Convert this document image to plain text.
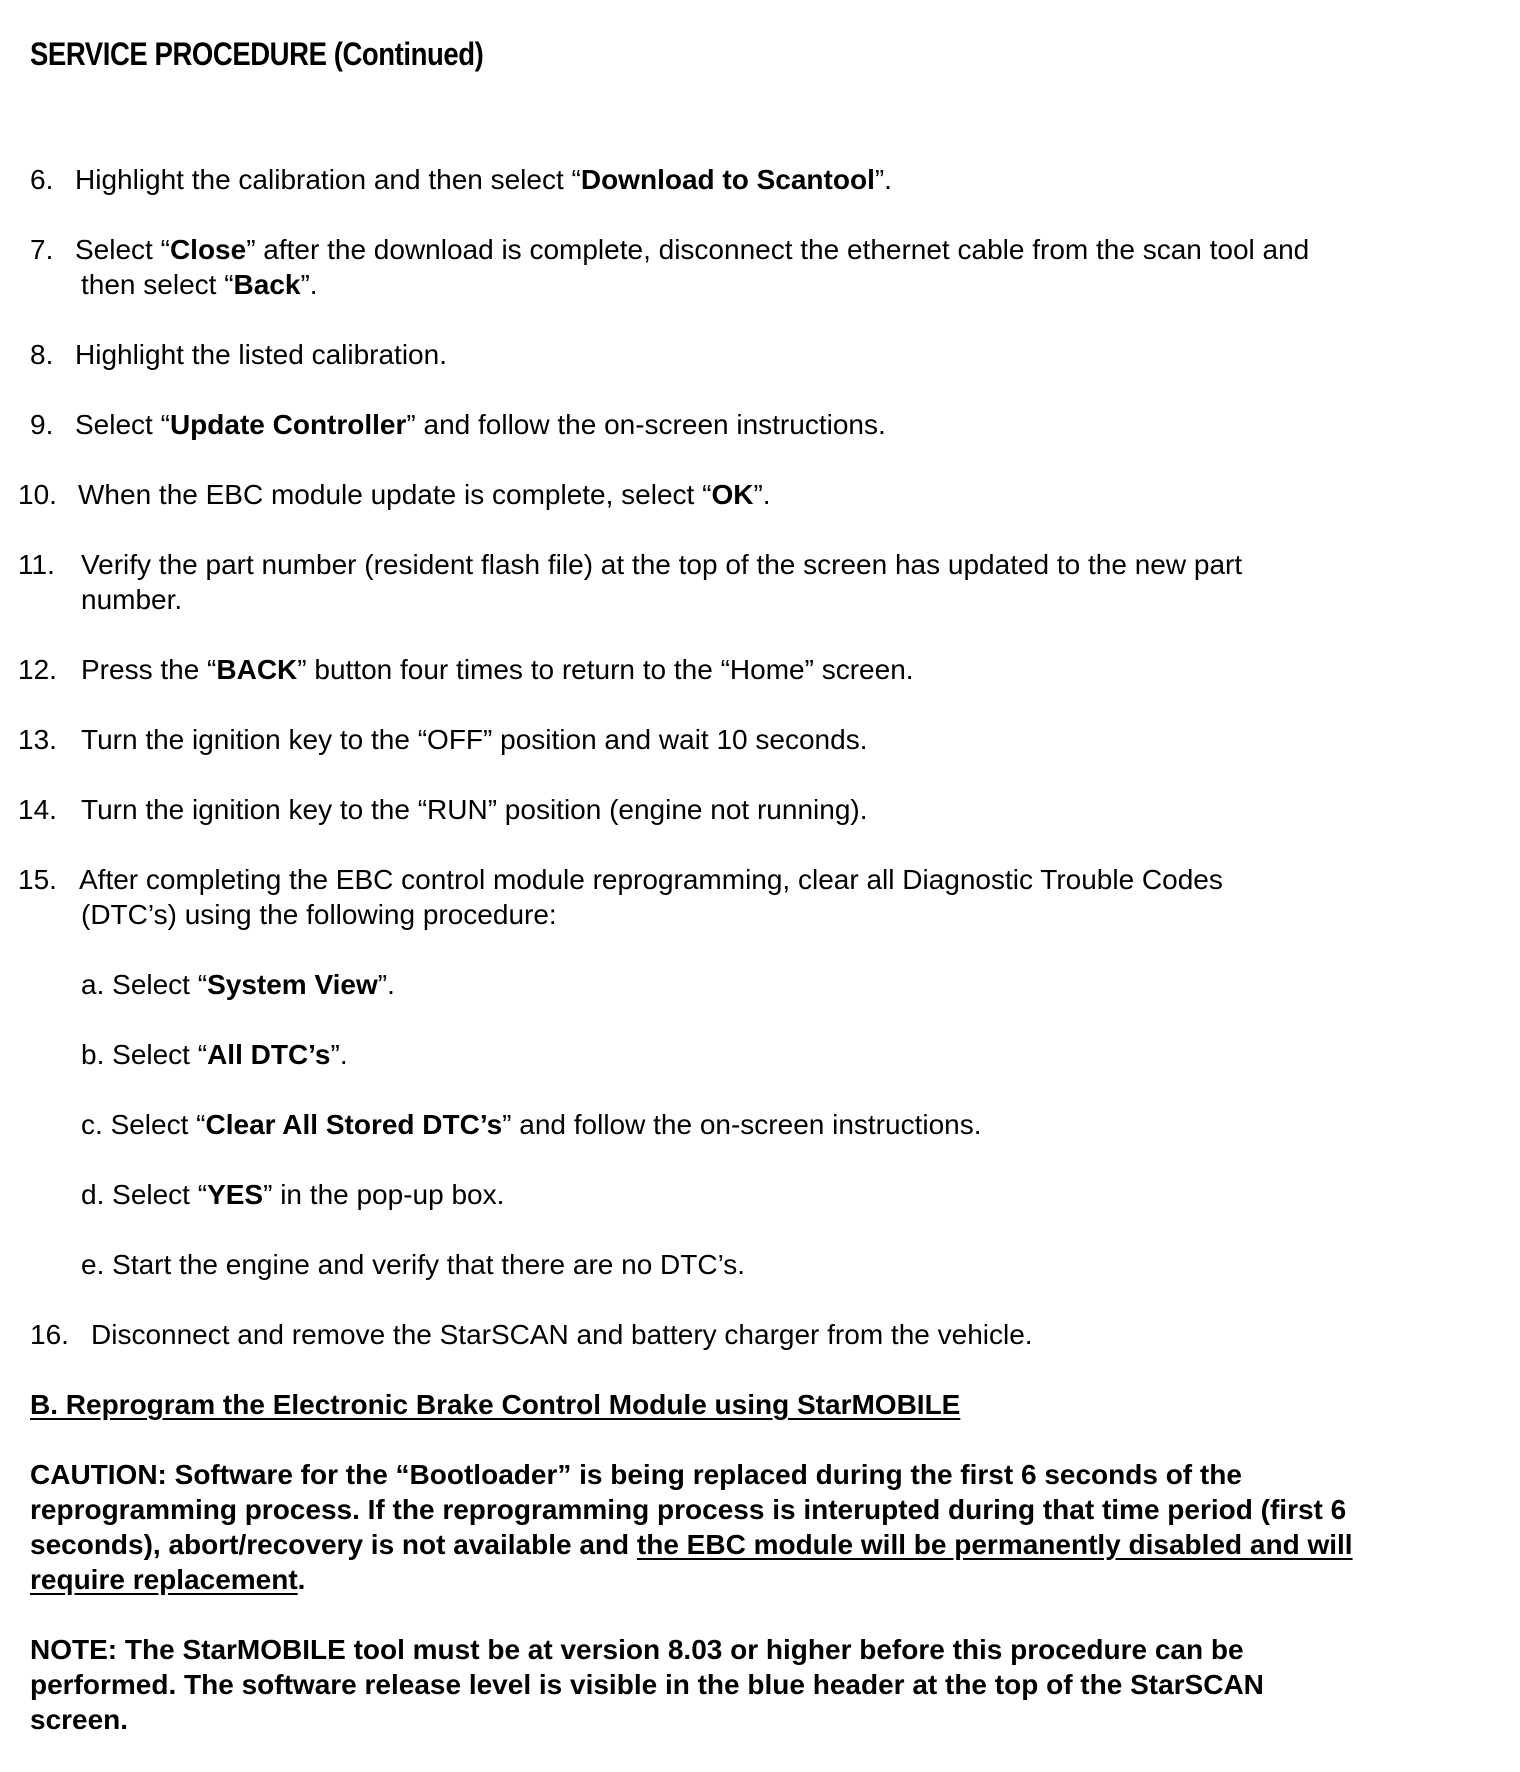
SERVICE PROCEDURE (Continued)
6. Highlight the calibration and then select “Download to Scantool”.
7. Select “Close” after the download is complete, disconnect the ethernet cable from the scan tool and
then select “Back”.
8. Highlight the listed calibration.
9. Select “Update Controller” and follow the on-screen instructions.
10. When the EBC module update is complete, select “OK”.
11. Verify the part number (resident flash file) at the top of the screen has updated to the new part
number.
12. Press the “BACK” button four times to return to the “Home” screen.
13. Turn the ignition key to the “OFF” position and wait 10 seconds.
14. Turn the ignition key to the “RUN” position (engine not running).
15. After completing the EBC control module reprogramming, clear all Diagnostic Trouble Codes
(DTC’s) using the following procedure:
a. Select “System View”.
b. Select “All DTC’s”.
c. Select “Clear All Stored DTC’s” and follow the on-screen instructions.
d. Select “YES” in the pop-up box.
e. Start the engine and verify that there are no DTC’s.
16. Disconnect and remove the StarSCAN and battery charger from the vehicle.
B. Reprogram the Electronic Brake Control Module using StarMOBILE
CAUTION: Software for the “Bootloader” is being replaced during the first 6 seconds of the
reprogramming process. If the reprogramming process is interupted during that time period (first 6
seconds), abort/recovery is not available and the EBC module will be permanently disabled and will
require replacement.
NOTE: The StarMOBILE tool must be at version 8.03 or higher before this procedure can be
performed. The software release level is visible in the blue header at the top of the StarSCAN
screen.
